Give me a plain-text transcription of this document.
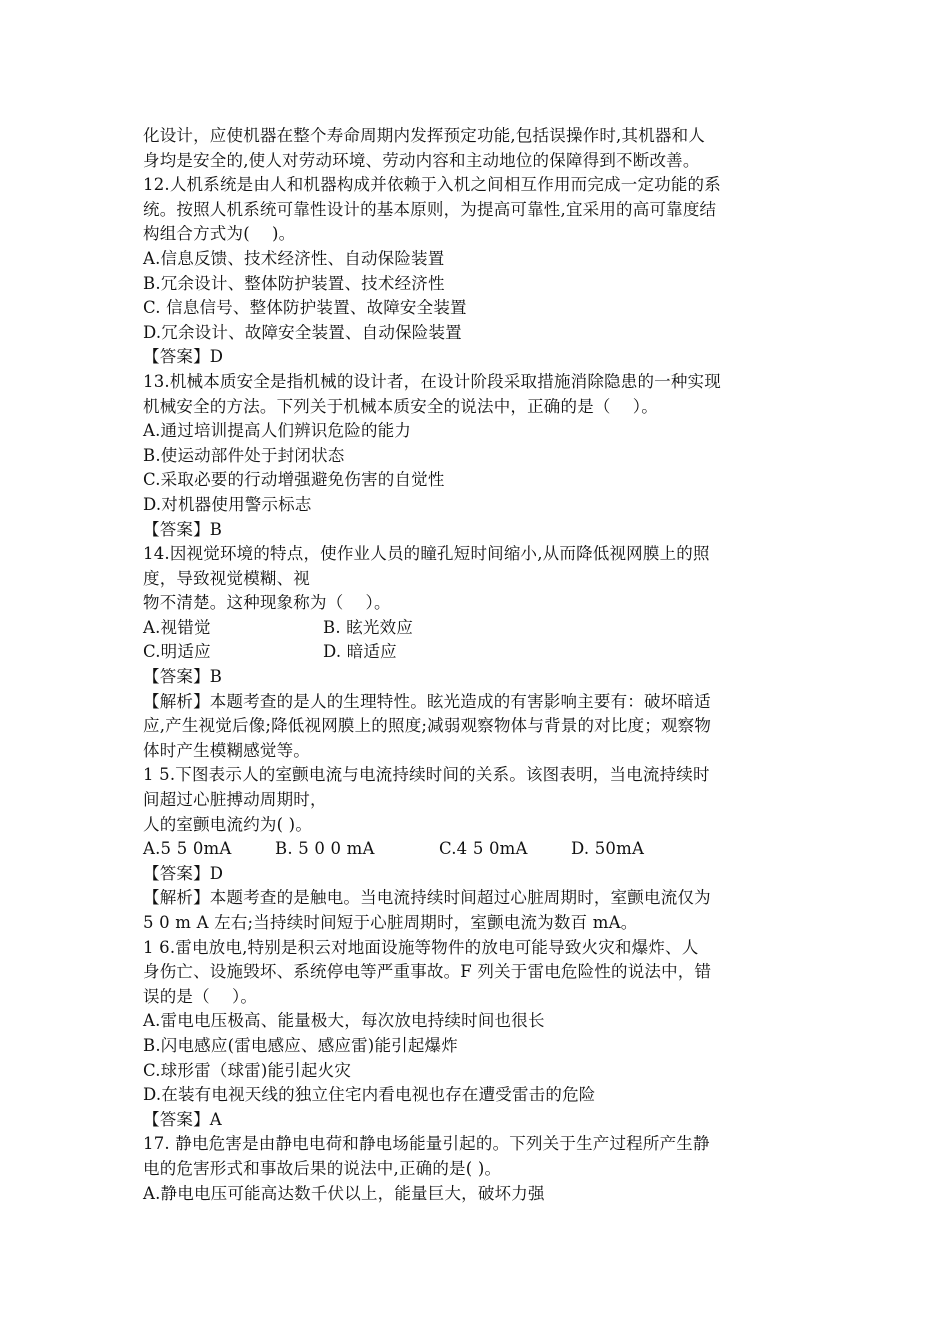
化设计，应使机器在整个寿命周期内发挥预定功能,包括误操作时,其机器和人
身均是安全的,使人对劳动环境、劳动内容和主动地位的保障得到不断改善。
12.人机系统是由人和机器构成并依赖于入机之间相互作用而完成一定功能的系
统。按照人机系统可靠性设计的基本原则，为提高可靠性,宜采用的高可靠度结
构组合方式为(　 )。
A.信息反馈、技术经济性、自动保险装置
B.冗余设计、整体防护装置、技术经济性
C. 信息信号、整体防护装置、故障安全装置
D.冗余设计、故障安全装置、自动保险装置
【答案】D
13.机械本质安全是指机械的设计者，在设计阶段采取措施消除隐患的一种实现
机械安全的方法。下列关于机械本质安全的说法中，正确的是（　 ）。
A.通过培训提高人们辨识危险的能力
B.使运动部件处于封闭状态
C.采取必要的行动增强避免伤害的自觉性
D.对机器使用警示标志
【答案】B
14.因视觉环境的特点，使作业人员的瞳孔短时间缩小,从而降低视网膜上的照
度，导致视觉模糊、视
物不清楚。这种现象称为（　 ）。
A.视错觉	B. 眩光效应
C.明适应	D. 暗适应
【答案】B
【解析】本题考查的是人的生理特性。眩光造成的有害影响主要有：破坏暗适
应,产生视觉后像;降低视网膜上的照度;减弱观察物体与背景的对比度；观察物
体时产生模糊感觉等。
1 5.下图表示人的室颤电流与电流持续时间的关系。该图表明，当电流持续时
间超过心脏搏动周期时，
人的室颤电流约为( )。
A.5 5 0mA	B. 5 0 0 mA	C.4 5 0mA	D. 50mA
【答案】D
【解析】本题考查的是触电。当电流持续时间超过心脏周期时，室颤电流仅为
5 0 m A 左右;当持续时间短于心脏周期时，室颤电流为数百 mA。
1 6.雷电放电,特别是积云对地面设施等物件的放电可能导致火灾和爆炸、人
身伤亡、设施毁坏、系统停电等严重事故。F 列关于雷电危险性的说法中，错
误的是（　 ）。
A.雷电电压极高、能量极大，每次放电持续时间也很长
B.闪电感应(雷电感应、感应雷)能引起爆炸
C.球形雷（球雷)能引起火灾
D.在装有电视天线的独立住宅内看电视也存在遭受雷击的危险
【答案】A
17. 静电危害是由静电电荷和静电场能量引起的。下列关于生产过程所产生静
电的危害形式和事故后果的说法中,正确的是( )。
A.静电电压可能高达数千伏以上，能量巨大，破坏力强
